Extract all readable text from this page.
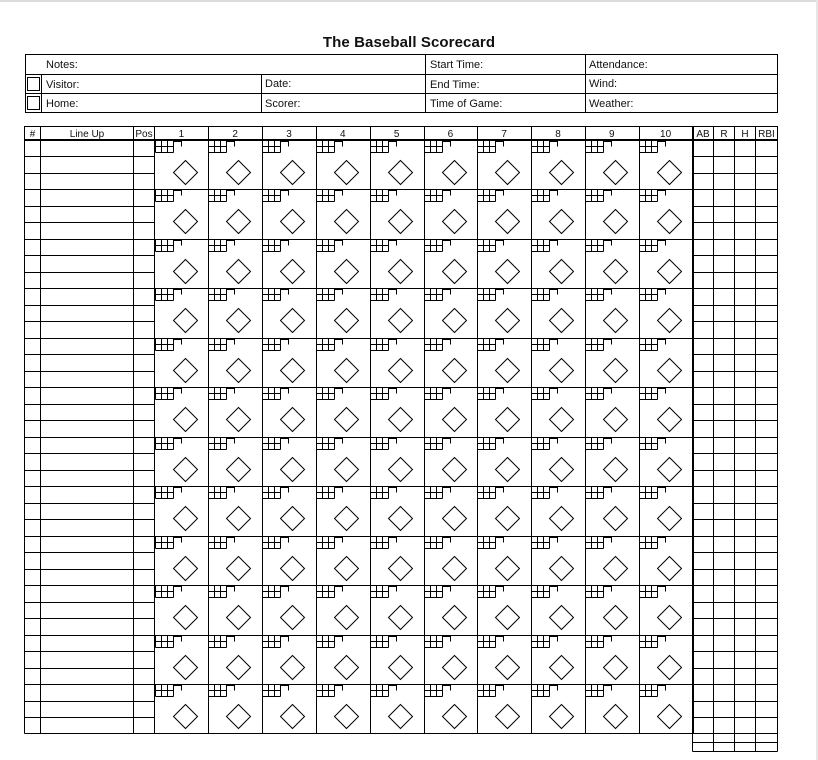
The Baseball Scorecard
Notes:	Start Time:	Attendance:
Visitor:	Date:	End Time:	Wind:
Home:	Scorer:	Time of Game:	Weather:
#	Line Up	Pos	1	2	3	4	5	6	7	8	9	10	AB R H RBI
